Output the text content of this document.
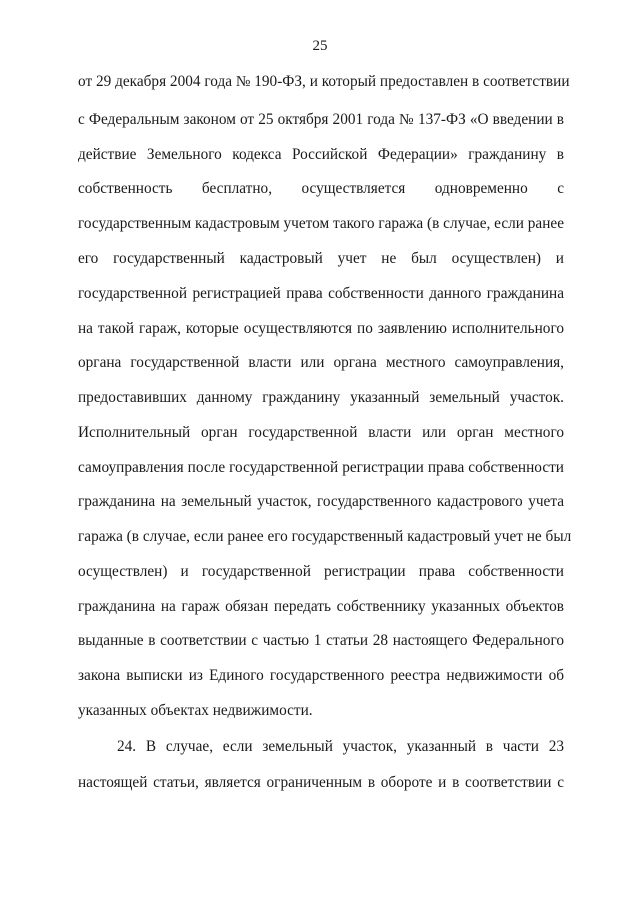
25
от 29 декабря 2004 года № 190-ФЗ, и который предоставлен в соответствии
с Федеральным законом от 25 октября 2001 года № 137-ФЗ «О введении в
действие Земельного кодекса Российской Федерации» гражданину в
собственность бесплатно, осуществляется одновременно с
государственным кадастровым учетом такого гаража (в случае, если ранее
его государственный кадастровый учет не был осуществлен) и
государственной регистрацией права собственности данного гражданина
на такой гараж, которые осуществляются по заявлению исполнительного
органа государственной власти или органа местного самоуправления,
предоставивших данному гражданину указанный земельный участок.
Исполнительный орган государственной власти или орган местного
самоуправления после государственной регистрации права собственности
гражданина на земельный участок, государственного кадастрового учета
гаража (в случае, если ранее его государственный кадастровый учет не был
осуществлен) и государственной регистрации права собственности
гражданина на гараж обязан передать собственнику указанных объектов
выданные в соответствии с частью 1 статьи 28 настоящего Федерального
закона выписки из Единого государственного реестра недвижимости об
указанных объектах недвижимости.
24. В случае, если земельный участок, указанный в части 23
настоящей статьи, является ограниченным в обороте и в соответствии с
